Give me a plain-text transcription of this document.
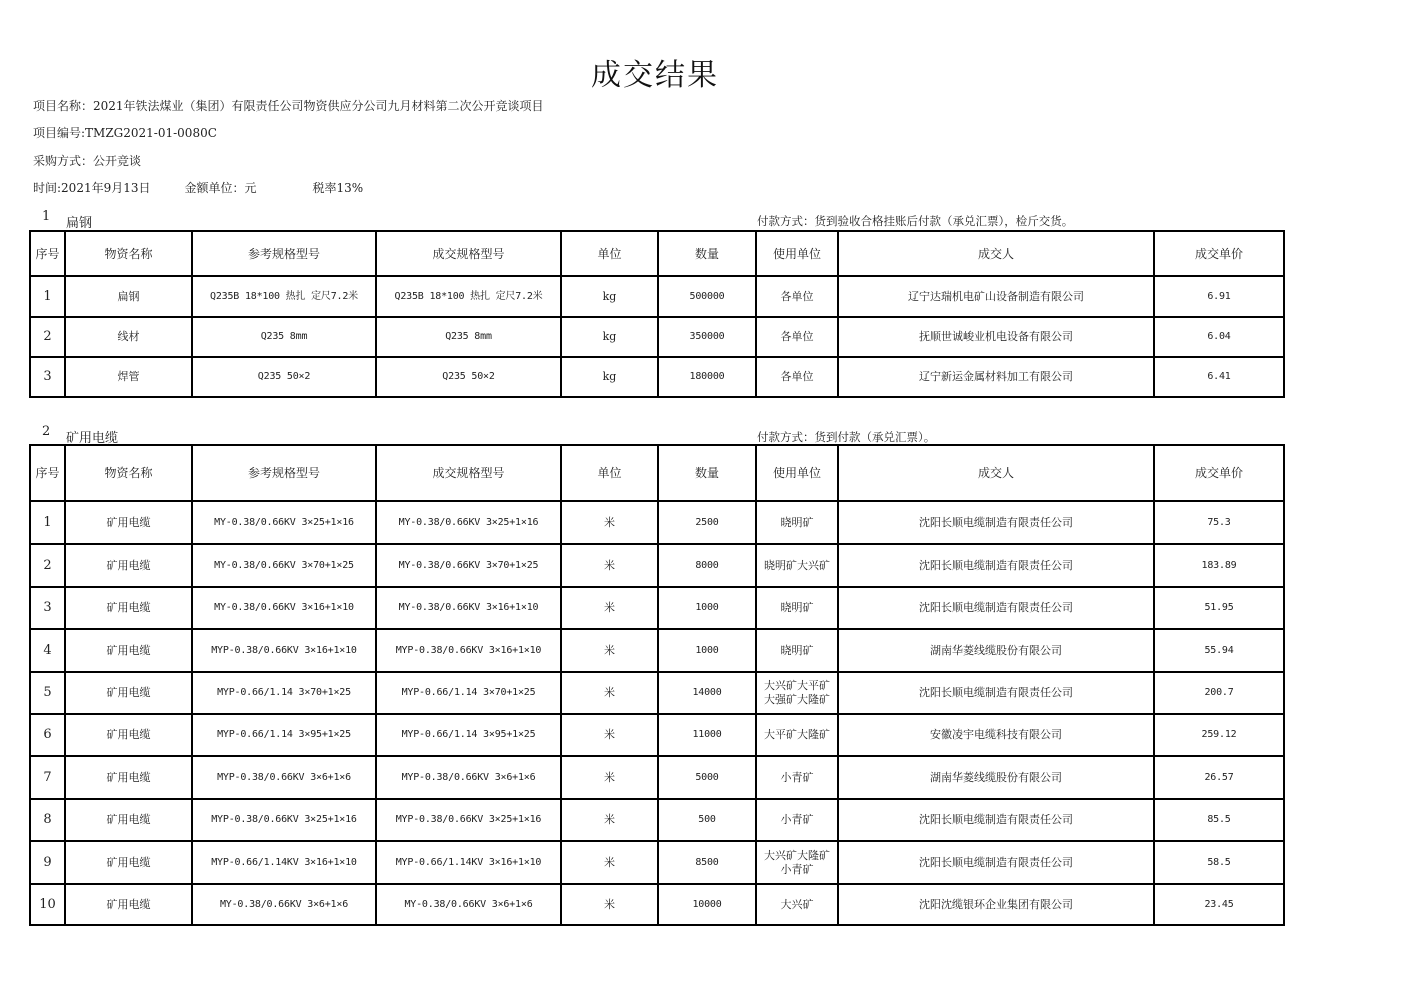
成交结果
项目名称：2021年铁法煤业（集团）有限责任公司物资供应分公司九月材料第二次公开竞谈项目
项目编号:TMZG2021-01-0080C
采购方式：公开竞谈
时间:2021年9月13日	金额单位：元	税率13%
1 扁钢	付款方式：货到验收合格挂账后付款（承兑汇票），检斤交货。
序号	物资名称	参考规格型号	成交规格型号	单位	数量	使用单位	成交人	成交单价
1	扁钢	Q235B 18*100 热扎 定尺7.2米	Q235B 18*100 热扎 定尺7.2米	kg	500000	各单位	辽宁达瑞机电矿山设备制造有限公司	6.91
2	线材	Q235 8mm	Q235 8mm	kg	350000	各单位	抚顺世诚峻业机电设备有限公司	6.04
3	焊管	Q235 50×2	Q235 50×2	kg	180000	各单位	辽宁新运金属材料加工有限公司	6.41
2 矿用电缆	付款方式：货到付款（承兑汇票）。
序号	物资名称	参考规格型号	成交规格型号	单位	数量	使用单位	成交人	成交单价
1	矿用电缆	MY-0.38/0.66KV 3×25+1×16	MY-0.38/0.66KV 3×25+1×16	米	2500	晓明矿	沈阳长顺电缆制造有限责任公司	75.3
2	矿用电缆	MY-0.38/0.66KV 3×70+1×25	MY-0.38/0.66KV 3×70+1×25	米	8000	晓明矿大兴矿	沈阳长顺电缆制造有限责任公司	183.89
3	矿用电缆	MY-0.38/0.66KV 3×16+1×10	MY-0.38/0.66KV 3×16+1×10	米	1000	晓明矿	沈阳长顺电缆制造有限责任公司	51.95
4	矿用电缆	MYP-0.38/0.66KV 3×16+1×10	MYP-0.38/0.66KV 3×16+1×10	米	1000	晓明矿	湖南华菱线缆股份有限公司	55.94
5	矿用电缆	MYP-0.66/1.14 3×70+1×25	MYP-0.66/1.14 3×70+1×25	米	14000	大兴矿大平矿
大强矿大隆矿	沈阳长顺电缆制造有限责任公司	200.7
6	矿用电缆	MYP-0.66/1.14 3×95+1×25	MYP-0.66/1.14 3×95+1×25	米	11000	大平矿大隆矿	安徽凌宇电缆科技有限公司	259.12
7	矿用电缆	MYP-0.38/0.66KV 3×6+1×6	MYP-0.38/0.66KV 3×6+1×6	米	5000	小青矿	湖南华菱线缆股份有限公司	26.57
8	矿用电缆	MYP-0.38/0.66KV 3×25+1×16	MYP-0.38/0.66KV 3×25+1×16	米	500	小青矿	沈阳长顺电缆制造有限责任公司	85.5
9	矿用电缆	MYP-0.66/1.14KV 3×16+1×10	MYP-0.66/1.14KV 3×16+1×10	米	8500	大兴矿大隆矿
小青矿	沈阳长顺电缆制造有限责任公司	58.5
10	矿用电缆	MY-0.38/0.66KV 3×6+1×6	MY-0.38/0.66KV 3×6+1×6	米	10000	大兴矿	沈阳沈缆银环企业集团有限公司	23.45
